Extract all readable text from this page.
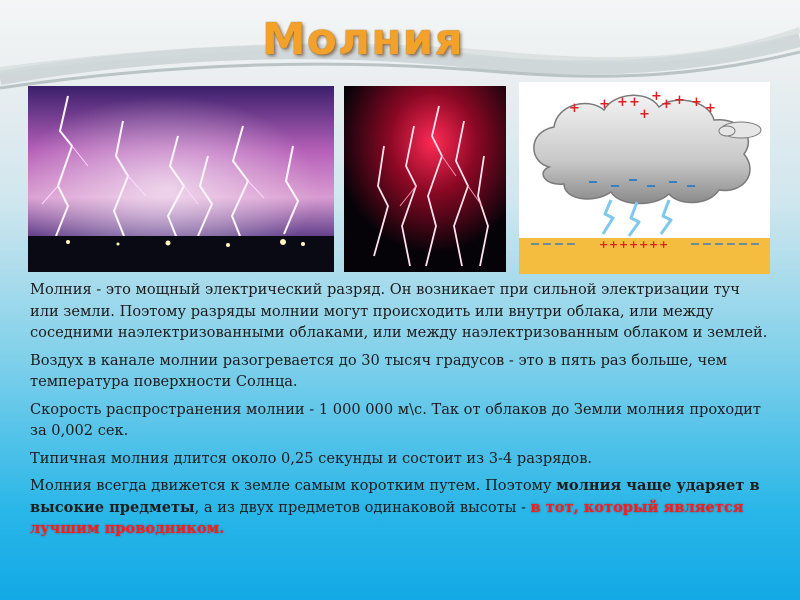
Молния
+ + + +
+
+
+ + + +
+ + + + + + +

Молния - это мощный электрический разряд. Он возникает при сильной электризации туч или земли. Поэтому разряды молнии могут происходить или внутри облака, или между соседними наэлектризованными облаками, или между наэлектризованным облаком и землей.

Воздух в канале молнии разогревается до 30 тысяч градусов - это в пять раз больше, чем температура поверхности Солнца.

Скорость распространения молнии - 1 000 000 м\с. Так от облаков до Земли молния проходит за 0,002 сек.

Типичная молния длится около 0,25 секунды и состоит из 3-4 разрядов.

Молния всегда движется к земле самым коротким путем. Поэтому молния чаще ударяет в высокие предметы, а из двух предметов одинаковой высоты - в тот, который является лучшим проводником.
